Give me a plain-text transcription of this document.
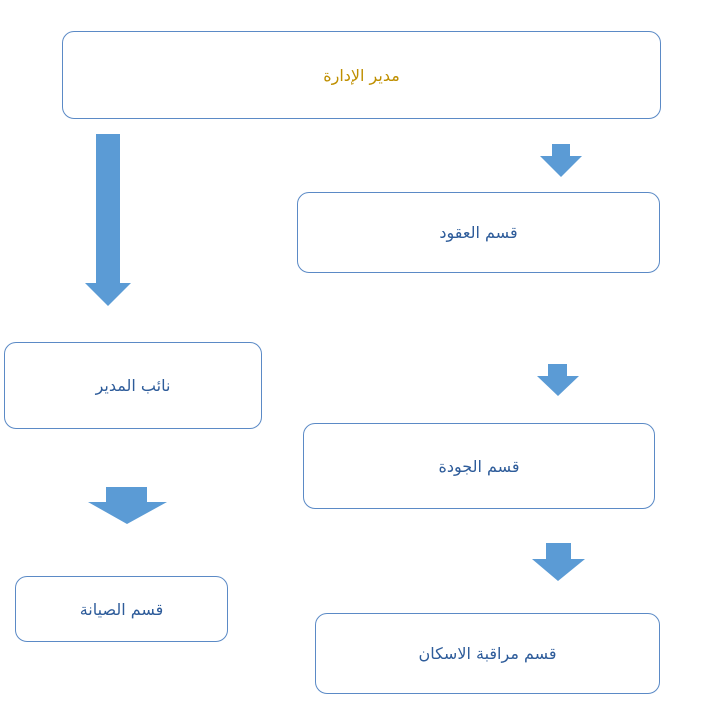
مدير الإدارة
قسم العقود
نائب المدير
قسم الجودة
قسم الصيانة
قسم مراقبة الاسكان
